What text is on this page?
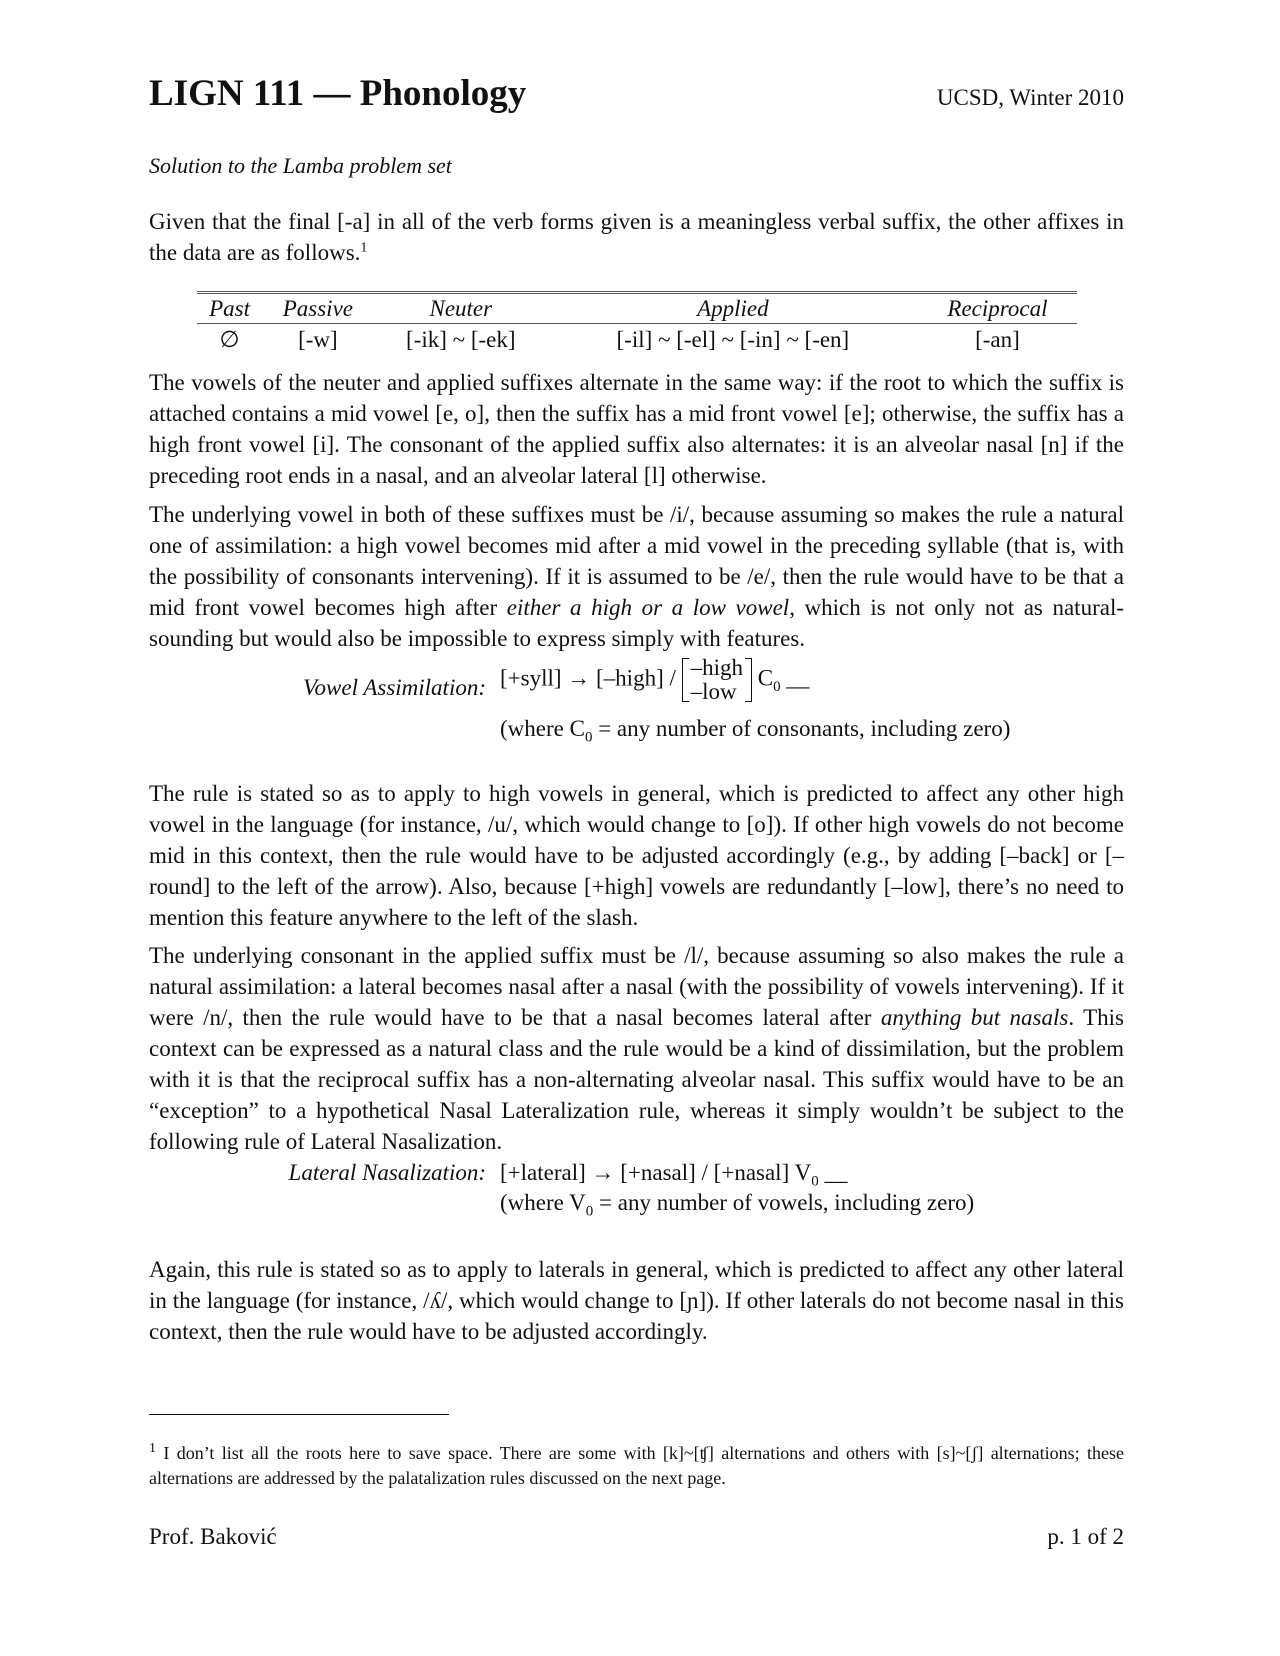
LIGN 111 — Phonology	UCSD, Winter 2010
Solution to the Lamba problem set

Given that the final [-a] in all of the verb forms given is a meaningless verbal suffix, the other affixes in the data are as follows.$^1$

Past	Passive	Neuter	Applied	Reciprocal
∅	[-w]	[-ik] ~ [-ek]	[-il] ~ [-el] ~ [-in] ~ [-en]	[-an]

The vowels of the neuter and applied suffixes alternate in the same way: if the root to which the suffix is attached contains a mid vowel [e, o], then the suffix has a mid front vowel [e]; otherwise, the suffix has a high front vowel [i]. The consonant of the applied suffix also alternates: it is an alveolar nasal [n] if the preceding root ends in a nasal, and an alveolar lateral [l] otherwise.

The underlying vowel in both of these suffixes must be /i/, because assuming so makes the rule a natural one of assimilation: a high vowel becomes mid after a mid vowel in the preceding syllable (that is, with the possibility of consonants intervening). If it is assumed to be /e/, then the rule would have to be that a mid front vowel becomes high after either a high or a low vowel, which is not only not as natural-sounding but would also be impossible to express simply with features.

Vowel Assimilation: [+syll] → [–high] / –high
–low $C_0$ __
(where $C_0$ = any number of consonants, including zero)

The rule is stated so as to apply to high vowels in general, which is predicted to affect any other high vowel in the language (for instance, /u/, which would change to [o]). If other high vowels do not become mid in this context, then the rule would have to be adjusted accordingly (e.g., by adding [–back] or [–round] to the left of the arrow). Also, because [+high] vowels are redundantly [–low], there’s no need to mention this feature anywhere to the left of the slash.

The underlying consonant in the applied suffix must be /l/, because assuming so also makes the rule a natural assimilation: a lateral becomes nasal after a nasal (with the possibility of vowels intervening). If it were /n/, then the rule would have to be that a nasal becomes lateral after anything but nasals. This context can be expressed as a natural class and the rule would be a kind of dissimilation, but the problem with it is that the reciprocal suffix has a non-alternating alveolar nasal. This suffix would have to be an “exception” to a hypothetical Nasal Lateralization rule, whereas it simply wouldn’t be subject to the following rule of Lateral Nasalization.

Lateral Nasalization: [+lateral] → [+nasal] / [+nasal] $V_0$ __
(where $V_0$ = any number of vowels, including zero)

Again, this rule is stated so as to apply to laterals in general, which is predicted to affect any other lateral in the language (for instance, /ʎ/, which would change to [ɲ]). If other laterals do not become nasal in this context, then the rule would have to be adjusted accordingly.

$^1$ I don’t list all the roots here to save space. There are some with [k]~[ʧ] alternations and others with [s]~[ʃ] alternations; these alternations are addressed by the palatalization rules discussed on the next page.
Prof. Baković	p. 1 of 2
